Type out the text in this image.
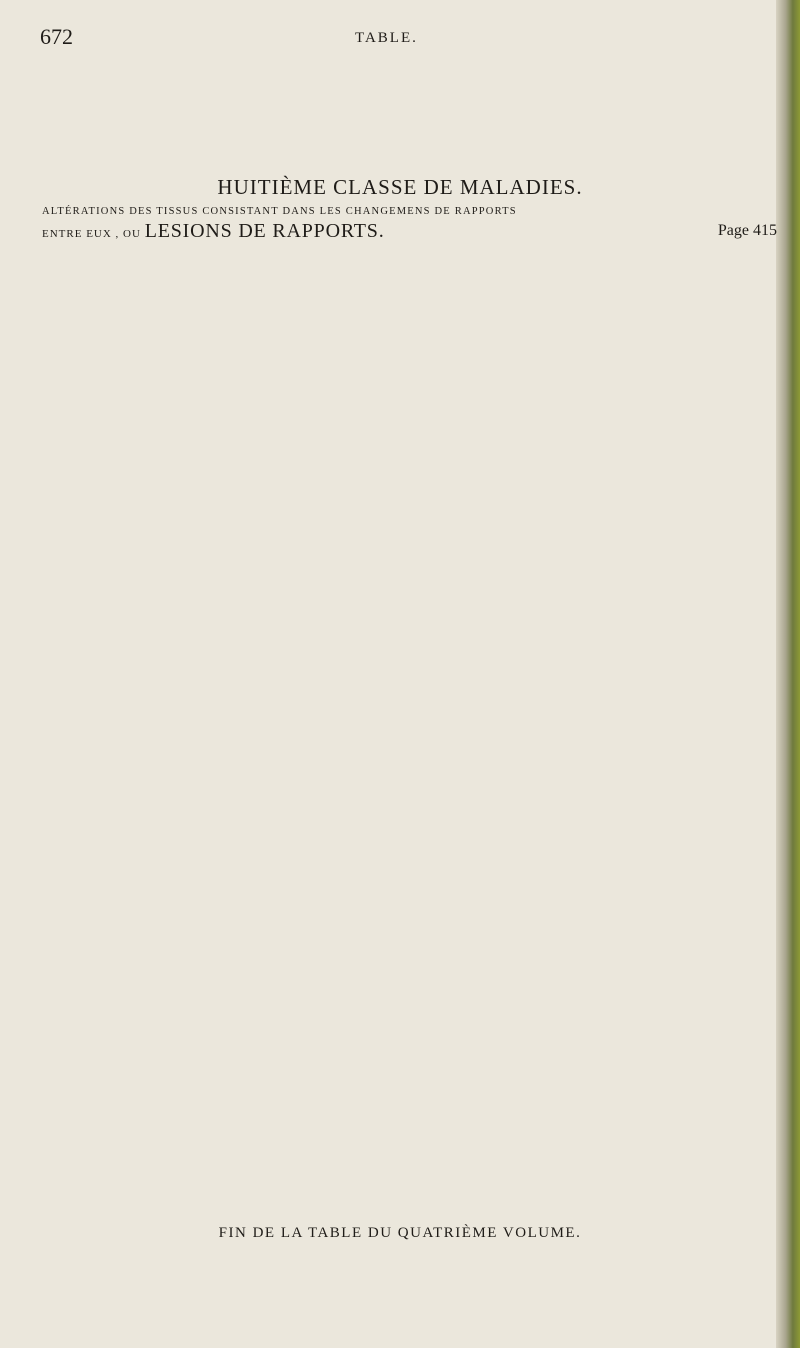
672	TABLE.
HUITIÈME CLASSE DE MALADIES.
ALTÉRATIONS DES TISSUS CONSISTANT DANS LES CHANGEMENS DE RAPPORTS
ENTRE EUX , OU LESIONS DE RAPPORTS.	Page 415
FIN DE LA TABLE DU QUATRIÈME VOLUME.
